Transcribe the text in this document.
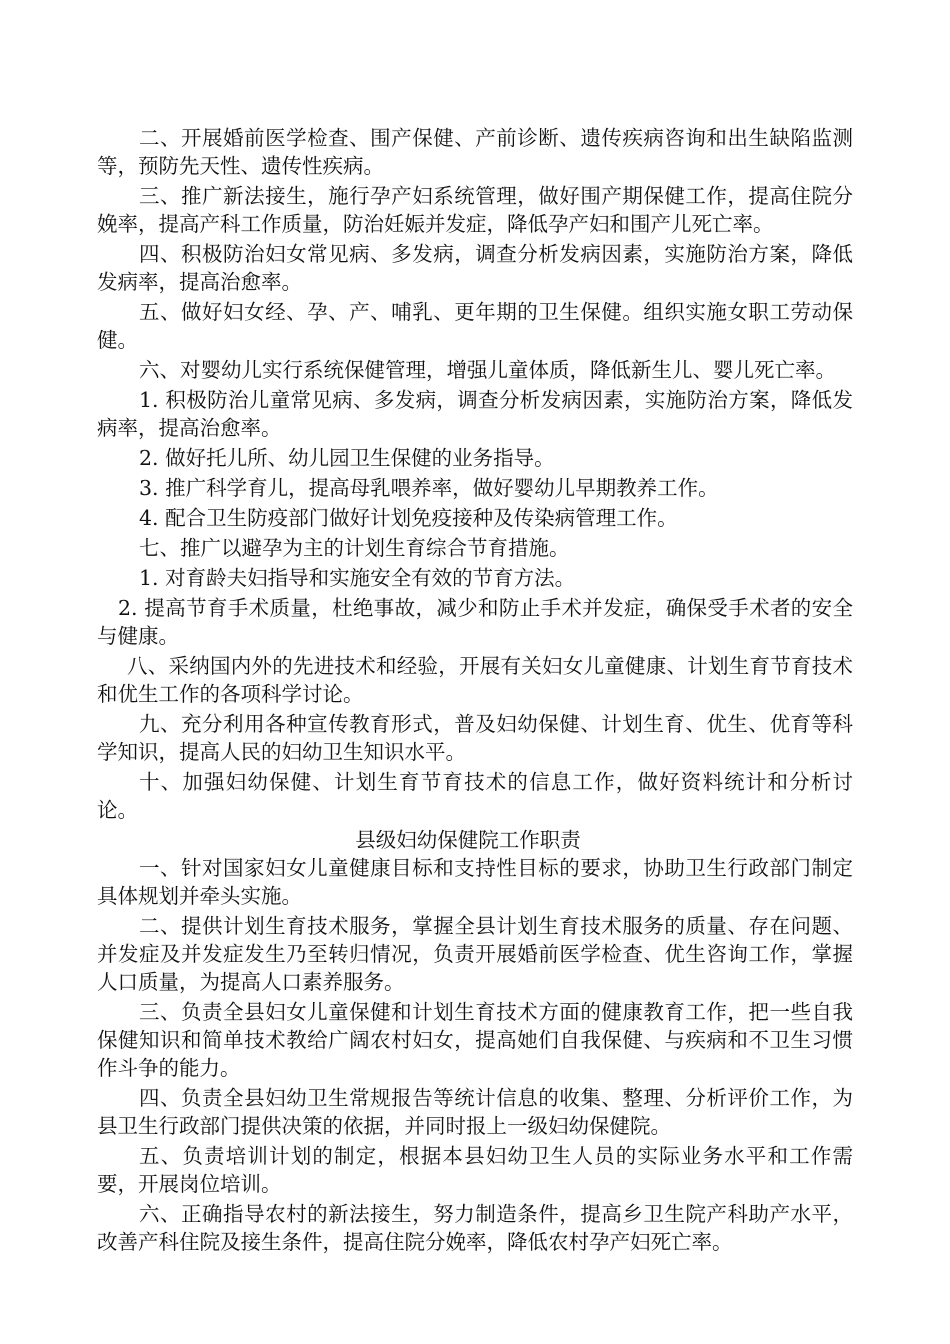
二、开展婚前医学检查、围产保健、产前诊断、遗传疾病咨询和出生缺陷监测等，预防先天性、遗传性疾病。

三、推广新法接生，施行孕产妇系统管理，做好围产期保健工作，提高住院分娩率，提高产科工作质量，防治妊娠并发症，降低孕产妇和围产儿死亡率。

四、积极防治妇女常见病、多发病，调查分析发病因素，实施防治方案，降低发病率，提高治愈率。

五、做好妇女经、孕、产、哺乳、更年期的卫生保健。组织实施女职工劳动保健。

六、对婴幼儿实行系统保健管理，增强儿童体质，降低新生儿、婴儿死亡率。

1. 积极防治儿童常见病、多发病，调查分析发病因素，实施防治方案，降低发病率，提高治愈率。

2. 做好托儿所、幼儿园卫生保健的业务指导。

3. 推广科学育儿，提高母乳喂养率，做好婴幼儿早期教养工作。

4. 配合卫生防疫部门做好计划免疫接种及传染病管理工作。

七、推广以避孕为主的计划生育综合节育措施。

1. 对育龄夫妇指导和实施安全有效的节育方法。

2. 提高节育手术质量，杜绝事故，减少和防止手术并发症，确保受手术者的安全与健康。

八、采纳国内外的先进技术和经验，开展有关妇女儿童健康、计划生育节育技术和优生工作的各项科学讨论。

九、充分利用各种宣传教育形式，普及妇幼保健、计划生育、优生、优育等科学知识，提高人民的妇幼卫生知识水平。

十、加强妇幼保健、计划生育节育技术的信息工作，做好资料统计和分析讨论。

县级妇幼保健院工作职责

一、针对国家妇女儿童健康目标和支持性目标的要求，协助卫生行政部门制定具体规划并牵头实施。

二、提供计划生育技术服务，掌握全县计划生育技术服务的质量、存在问题、并发症及并发症发生乃至转归情况，负责开展婚前医学检查、优生咨询工作，掌握人口质量，为提高人口素养服务。

三、负责全县妇女儿童保健和计划生育技术方面的健康教育工作，把一些自我保健知识和简单技术教给广阔农村妇女，提高她们自我保健、与疾病和不卫生习惯作斗争的能力。

四、负责全县妇幼卫生常规报告等统计信息的收集、整理、分析评价工作，为县卫生行政部门提供决策的依据，并同时报上一级妇幼保健院。

五、负责培训计划的制定，根据本县妇幼卫生人员的实际业务水平和工作需要，开展岗位培训。

六、正确指导农村的新法接生，努力制造条件，提高乡卫生院产科助产水平，改善产科住院及接生条件，提高住院分娩率，降低农村孕产妇死亡率。
